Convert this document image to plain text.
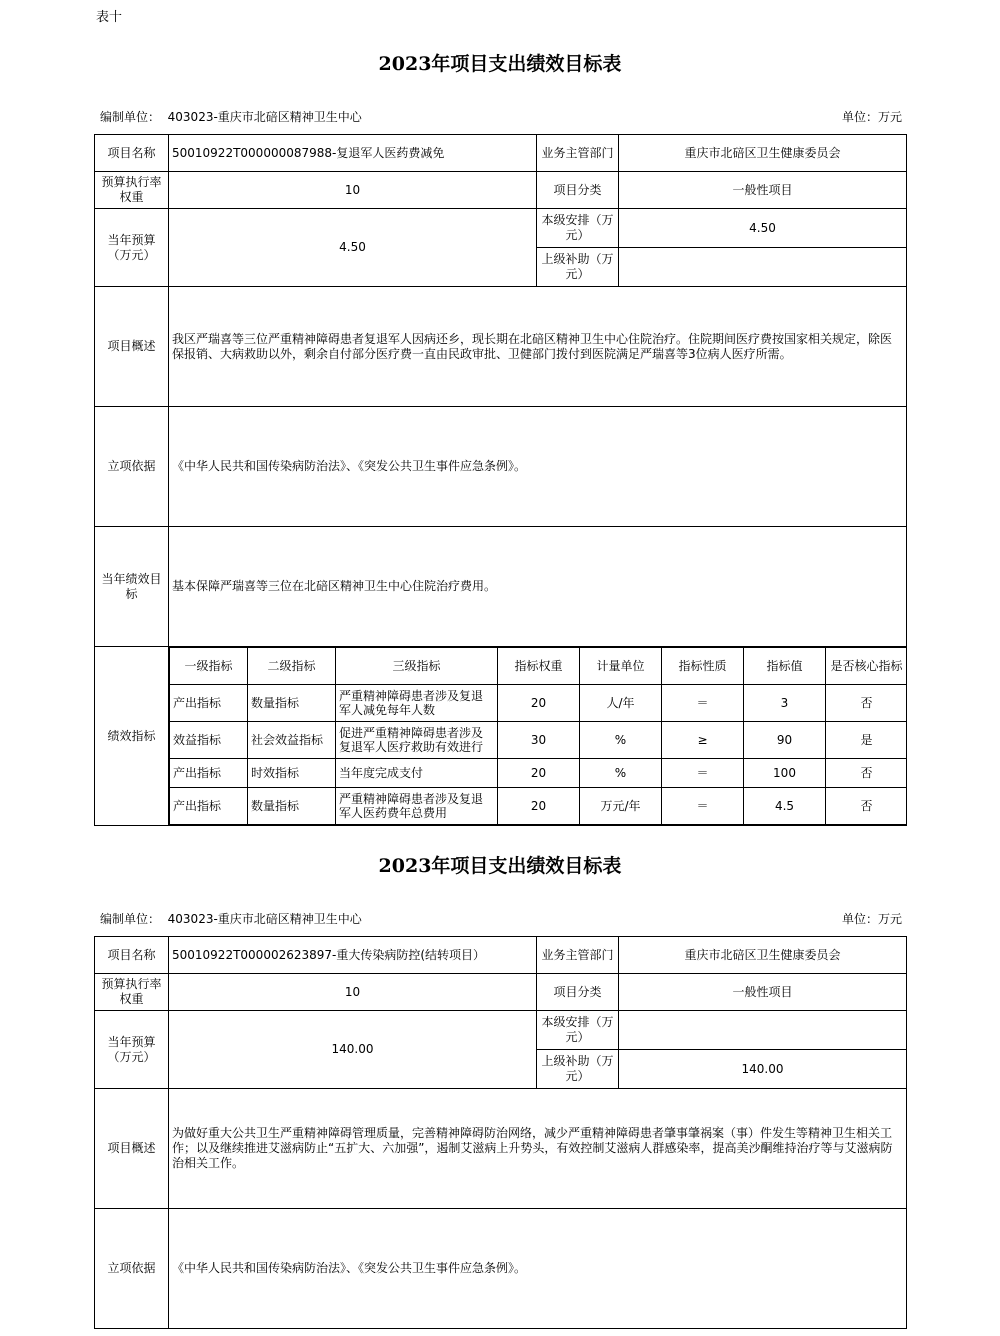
表十
2023年项目支出绩效目标表
编制单位： 403023-重庆市北碚区精神卫生中心	单位：万元
项目名称	50010922T000000087988-复退军人医药费减免	业务主管部门	重庆市北碚区卫生健康委员会
预算执行率权重	10	项目分类	一般性项目
当年预算（万元）	4.50	本级安排（万元）	4.50
上级补助（万元）	
项目概述	我区严瑞喜等三位严重精神障碍患者复退军人因病还乡，现长期在北碚区精神卫生中心住院治疗。住院期间医疗费按国家相关规定，除医保报销、大病救助以外，剩余自付部分医疗费一直由民政审批、卫健部门拨付到医院满足严瑞喜等3位病人医疗所需。
立项依据	《中华人民共和国传染病防治法》、《突发公共卫生事件应急条例》。
当年绩效目标	基本保障严瑞喜等三位在北碚区精神卫生中心住院治疗费用。
绩效指标	
一级指标	二级指标	三级指标	指标权重	计量单位	指标性质	指标值	是否核心指标
产出指标	数量指标	严重精神障碍患者涉及复退军人减免每年人数	20	人/年	＝	3	否
效益指标	社会效益指标	促进严重精神障碍患者涉及复退军人医疗救助有效进行	30	%	≥	90	是
产出指标	时效指标	当年度完成支付	20	%	＝	100	否
产出指标	数量指标	严重精神障碍患者涉及复退军人医药费年总费用	20	万元/年	＝	4.5	否
2023年项目支出绩效目标表
编制单位： 403023-重庆市北碚区精神卫生中心	单位：万元
项目名称	50010922T000002623897-重大传染病防控(结转项目）	业务主管部门	重庆市北碚区卫生健康委员会
预算执行率权重	10	项目分类	一般性项目
当年预算（万元）	140.00	本级安排（万元）	
		上级补助（万元）	140.00
项目概述	为做好重大公共卫生严重精神障碍管理质量，完善精神障碍防治网络，减少严重精神障碍患者肇事肇祸案（事）件发生等精神卫生相关工作；以及继续推进艾滋病防止“五扩大、六加强”，遏制艾滋病上升势头，有效控制艾滋病人群感染率，提高美沙酮维持治疗等与艾滋病防治相关工作。		
立项依据	《中华人民共和国传染病防治法》、《突发公共卫生事件应急条例》。		
